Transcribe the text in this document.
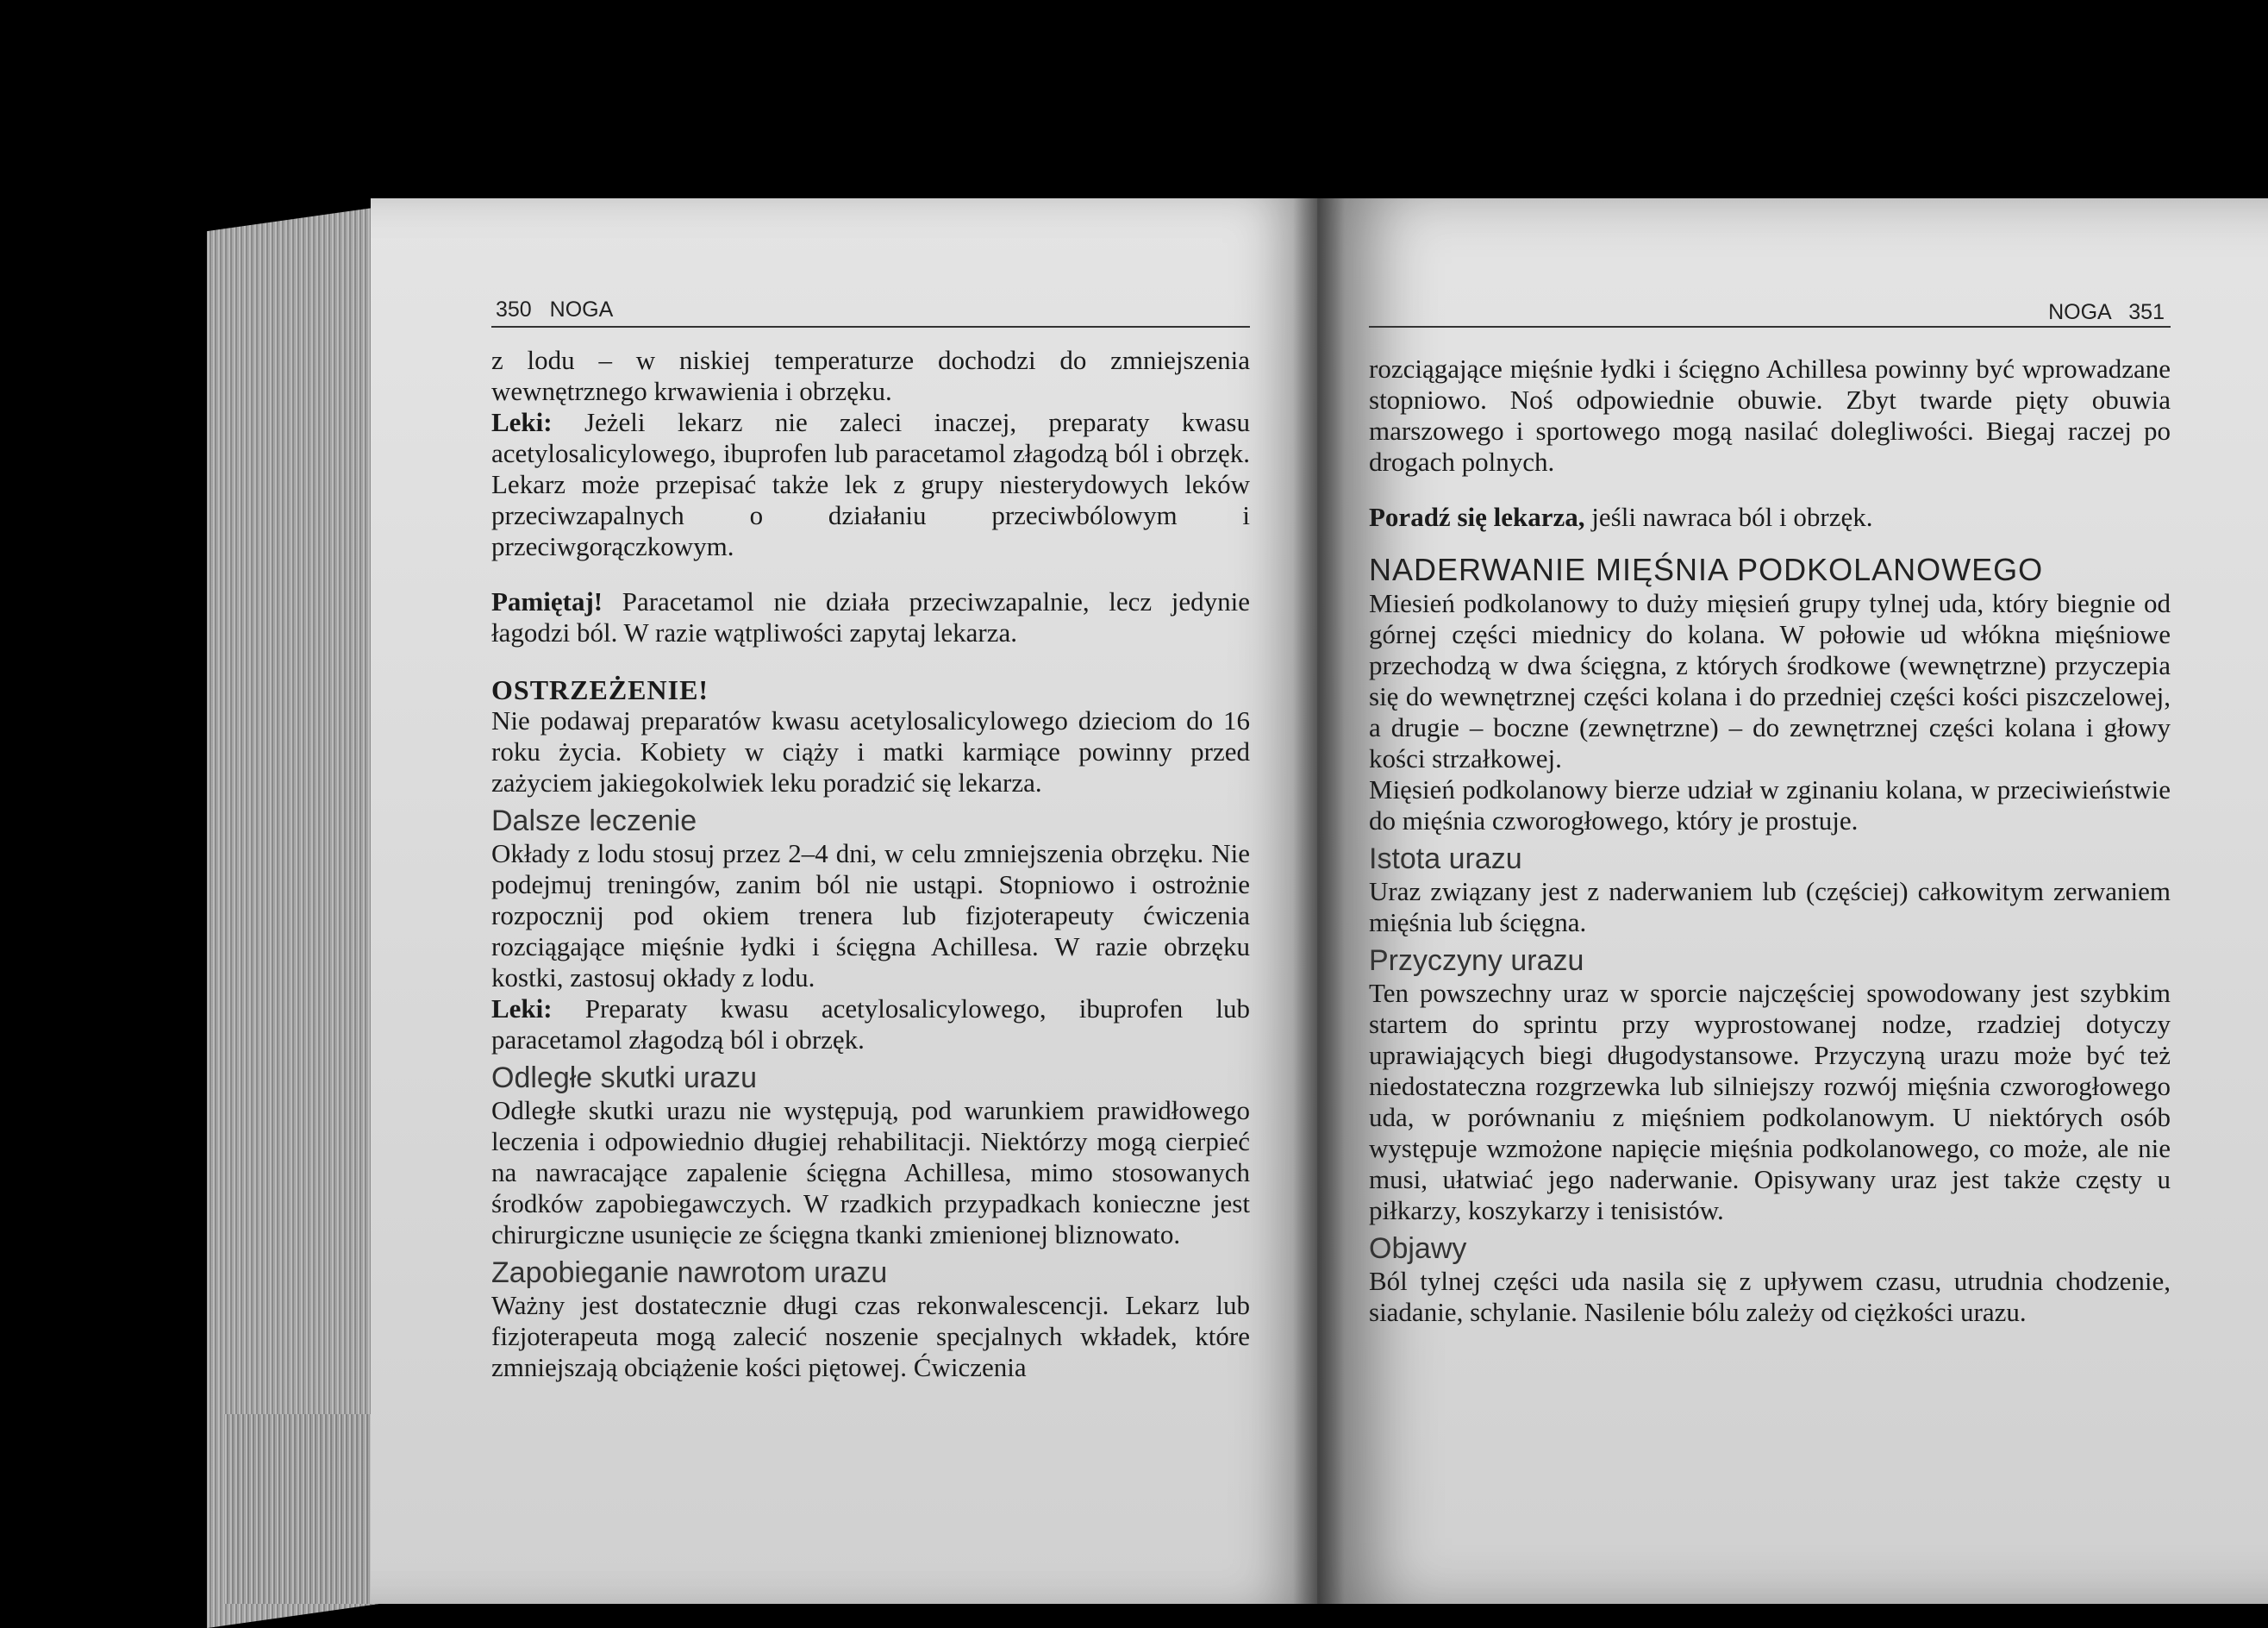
350 NOGA

z lodu – w niskiej temperaturze dochodzi do zmniejszenia wewnętrznego krwawienia i obrzęku.

Leki: Jeżeli lekarz nie zaleci inaczej, preparaty kwasu acetylosalicylowego, ibuprofen lub paracetamol złagodzą ból i obrzęk. Lekarz może przepisać także lek z grupy niesterydowych leków przeciwzapalnych o działaniu przeciwbólowym i przeciwgorączkowym.

Pamiętaj! Paracetamol nie działa przeciwzapalnie, lecz jedynie łagodzi ból. W razie wątpliwości zapytaj lekarza.

OSTRZEŻENIE!

Nie podawaj preparatów kwasu acetylosalicylowego dzieciom do 16 roku życia. Kobiety w ciąży i matki karmiące powinny przed zażyciem jakiegokolwiek leku poradzić się lekarza.

Dalsze leczenie

Okłady z lodu stosuj przez 2–4 dni, w celu zmniejszenia obrzęku. Nie podejmuj treningów, zanim ból nie ustąpi. Stopniowo i ostrożnie rozpocznij pod okiem trenera lub fizjoterapeuty ćwiczenia rozciągające mięśnie łydki i ścięgna Achillesa. W razie obrzęku kostki, zastosuj okłady z lodu.

Leki: Preparaty kwasu acetylosalicylowego, ibuprofen lub paracetamol złagodzą ból i obrzęk.

Odległe skutki urazu

Odległe skutki urazu nie występują, pod warunkiem prawidłowego leczenia i odpowiednio długiej rehabilitacji. Niektórzy mogą cierpieć na nawracające zapalenie ścięgna Achillesa, mimo stosowanych środków zapobiegawczych. W rzadkich przypadkach konieczne jest chirurgiczne usunięcie ze ścięgna tkanki zmienionej bliznowato.

Zapobieganie nawrotom urazu

Ważny jest dostatecznie długi czas rekonwalescencji. Lekarz lub fizjoterapeuta mogą zalecić noszenie specjalnych wkładek, które zmniejszają obciążenie kości piętowej. Ćwiczenia

NOGA 351

rozciągające mięśnie łydki i ścięgno Achillesa powinny być wprowadzane stopniowo. Noś odpowiednie obuwie. Zbyt twarde pięty obuwia marszowego i sportowego mogą nasilać dolegliwości. Biegaj raczej po drogach polnych.

Poradź się lekarza, jeśli nawraca ból i obrzęk.

NADERWANIE MIĘŚNIA PODKOLANOWEGO

Miesień podkolanowy to duży mięsień grupy tylnej uda, który biegnie od górnej części miednicy do kolana. W połowie ud włókna mięśniowe przechodzą w dwa ścięgna, z których środkowe (wewnętrzne) przyczepia się do wewnętrznej części kolana i do przedniej części kości piszczelowej, a drugie – boczne (zewnętrzne) – do zewnętrznej części kolana i głowy kości strzałkowej.

Mięsień podkolanowy bierze udział w zginaniu kolana, w przeciwieństwie do mięśnia czworogłowego, który je prostuje.

Istota urazu

Uraz związany jest z naderwaniem lub (częściej) całkowitym zerwaniem mięśnia lub ścięgna.

Przyczyny urazu

Ten powszechny uraz w sporcie najczęściej spowodowany jest szybkim startem do sprintu przy wyprostowanej nodze, rzadziej dotyczy uprawiających biegi długodystansowe. Przyczyną urazu może być też niedostateczna rozgrzewka lub silniejszy rozwój mięśnia czworogłowego uda, w porównaniu z mięśniem podkolanowym. U niektórych osób występuje wzmożone napięcie mięśnia podkolanowego, co może, ale nie musi, ułatwiać jego naderwanie. Opisywany uraz jest także częsty u piłkarzy, koszykarzy i tenisistów.

Objawy

Ból tylnej części uda nasila się z upływem czasu, utrudnia chodzenie, siadanie, schylanie. Nasilenie bólu zależy od ciężkości urazu.
